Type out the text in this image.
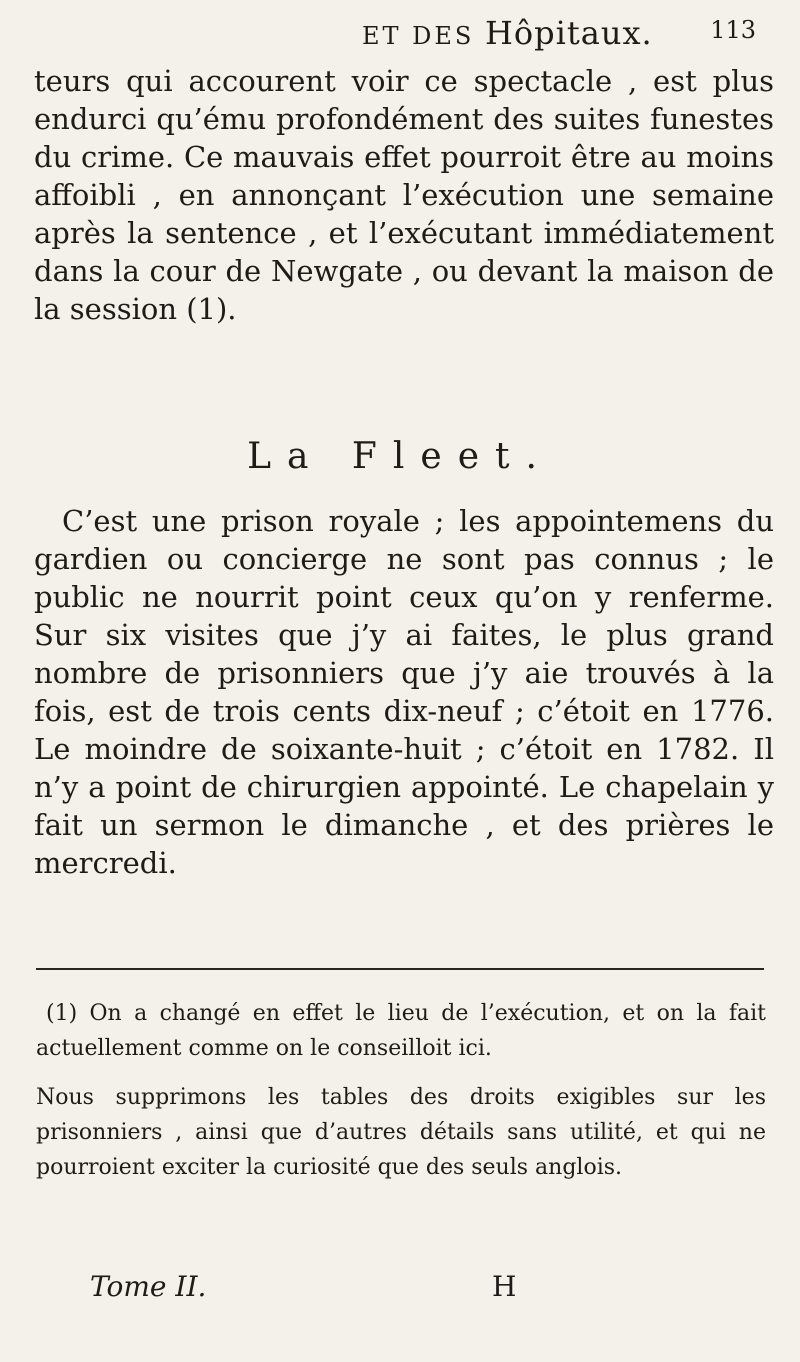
ET DES Hôpitaux. 113

teurs qui accourent voir ce spectacle , est plus endurci qu’ému profondément des suites funestes du crime. Ce mauvais effet pourroit être au moins affoibli , en annonçant l’exécution une semaine après la sentence , et l’exécutant immédiatement dans la cour de Newgate , ou devant la maison de la session (1).

La Fleet.

C’est une prison royale ; les appointemens du gardien ou concierge ne sont pas connus ; le public ne nourrit point ceux qu’on y renferme. Sur six visites que j’y ai faites, le plus grand nombre de prisonniers que j’y aie trouvés à la fois, est de trois cents dix-neuf ; c’étoit en 1776. Le moindre de soixante-huit ; c’étoit en 1782. Il n’y a point de chirurgien appointé. Le chapelain y fait un sermon le dimanche , et des prières le mercredi.

(1) On a changé en effet le lieu de l’exécution, et on la fait actuellement comme on le conseilloit ici.

Nous supprimons les tables des droits exigibles sur les prisonniers , ainsi que d’autres détails sans utilité, et qui ne pourroient exciter la curiosité que des seuls anglois.

Tome II.	H
